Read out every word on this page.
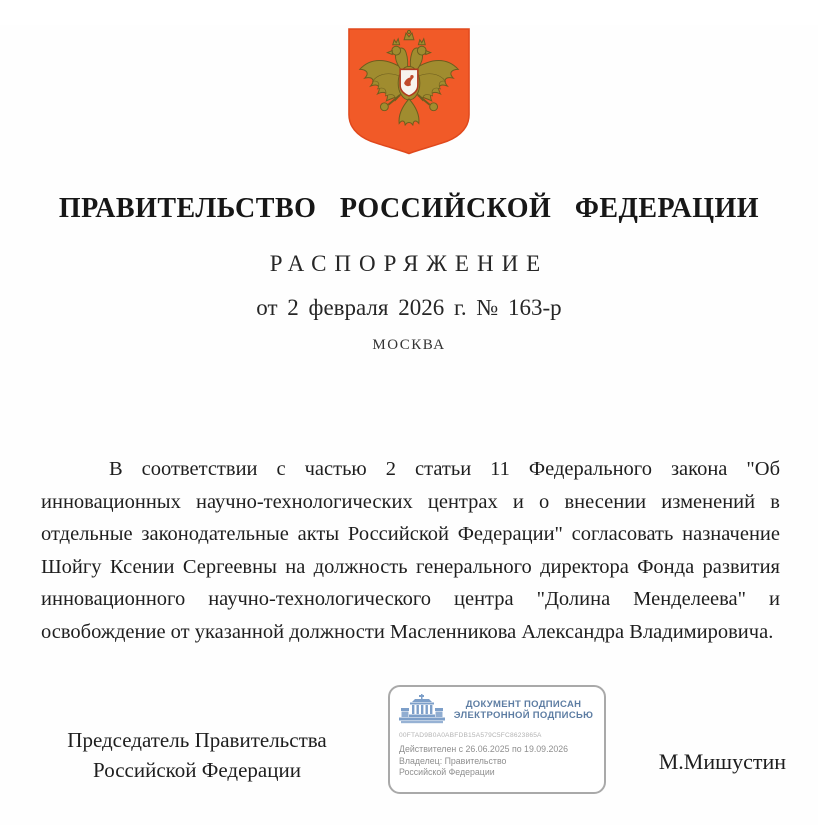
ПРАВИТЕЛЬСТВО РОССИЙСКОЙ ФЕДЕРАЦИИ
РАСПОРЯЖЕНИЕ
от 2 февраля 2026 г. № 163-р
МОСКВА

В соответствии с частью 2 статьи 11 Федерального закона "Об инновационных научно-технологических центрах и о внесении изменений в отдельные законодательные акты Российской Федерации" согласовать назначение Шойгу Ксении Сергеевны на должность генерального директора Фонда развития инновационного научно-технологического центра "Долина Менделеева" и освобождение от указанной должности Масленникова Александра Владимировича.

Председатель Правительства
Российской Федерации	М.Мишустин
ДОКУМЕНТ ПОДПИСАН
ЭЛЕКТРОННОЙ ПОДПИСЬЮ
00FTAD9B0A0ABFDB15A579C5FC8623865A
Действителен с 26.06.2025 по 19.09.2026
Владелец: Правительство Российской Федерации
